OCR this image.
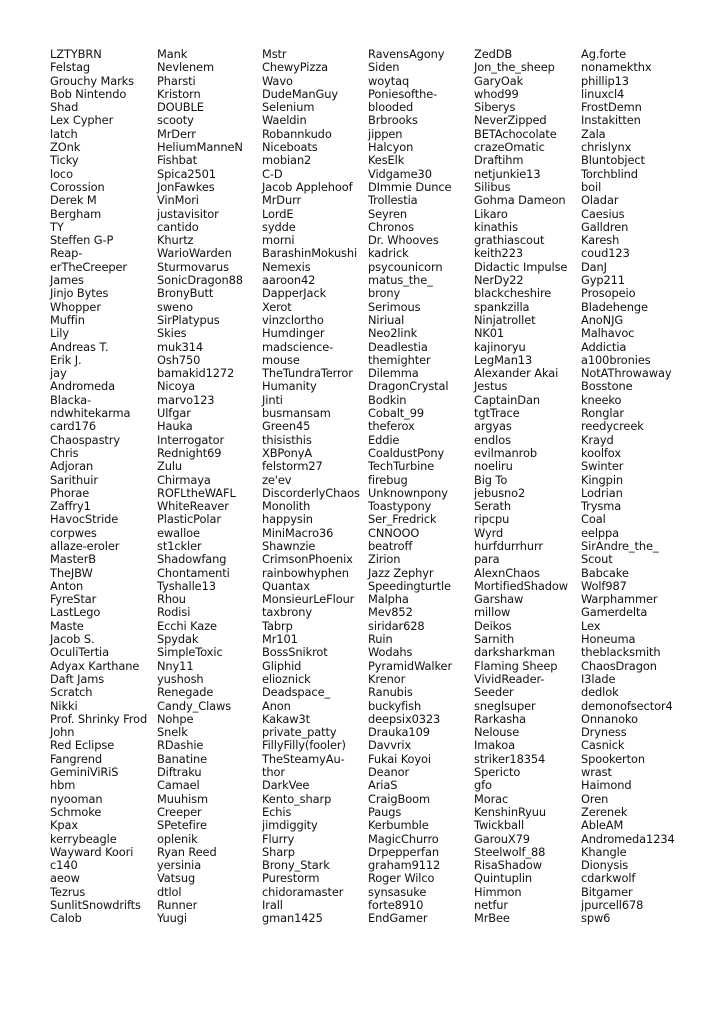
LZTYBRN
Felstag
Grouchy Marks
Bob Nintendo
Shad
Lex Cypher
latch
ZOnk
Ticky
loco
Corossion
Derek M
Bergham
TY
Steffen G-P
Reap-
erTheCreeper
James
Jinjo Bytes
Whopper
Muffin
Lily
Andreas T.
Erik J.
jay
Andromeda
Blacka-
ndwhitekarma
card176
Chaospastry
Chris
Adjoran
Sarithuir
Phorae
Zaffry1
HavocStride
corpwes
allaze-eroler
MasterB
TheJBW
Anton
FyreStar
LastLego
Maste
Jacob S.
OculiTertia
Adyax Karthane
Daft Jams
Scratch
Nikki
Prof. Shrinky Frod
John
Red Eclipse
Fangrend
GeminiViRiS
hbm
nyooman
Schmoke
Kpax
kerrybeagle
Wayward Koori
c140
aeow
Tezrus
SunlitSnowdrifts
Calob
Mank
Nevlenem
Pharsti
Kristorn
DOUBLE
scooty
MrDerr
HeliumManneN
Fishbat
Spica2501
JonFawkes
VinMori
justavisitor
cantido
Khurtz
WarioWarden
Sturmovarus
SonicDragon88
BronyButt
sweno
SirPlatypus
Skies
muk314
Osh750
bamakid1272
Nicoya
marvo123
Ulfgar
Hauka
Interrogator
Rednight69
Zulu
Chirmaya
ROFLtheWAFL
WhiteReaver
PlasticPolar
ewalloe
st1ckler
Shadowfang
Chontamenti
Tyshalle13
Rhou
Rodisi
Ecchi Kaze
Spydak
SimpleToxic
Nny11
yushosh
Renegade
Candy_Claws
Nohpe
Snelk
RDashie
Banatine
Diftraku
Camael
Muuhism
Creeper
SPetefire
oplenik
Ryan Reed
yersinia
Vatsug
dtlol
Runner
Yuugi
Mstr
ChewyPizza
Wavo
DudeManGuy
Selenium
Waeldin
Robannkudo
Niceboats
mobian2
C-D
Jacob Applehoof
MrDurr
LordE
sydde
morni
BarashinMokushi
Nemexis
aaroon42
DapperJack
Xerot
vinzclortho
Humdinger
madscience-
mouse
TheTundraTerror
Humanity
Jinti
busmansam
Green45
thisisthis
XBPonyA
felstorm27
ze'ev
DiscorderlyChaos
Monolith
happysin
MiniMacro36
Shawnzie
CrimsonPhoenix
rainbowhyphen
Quantax
MonsieurLeFlour
taxbrony
Tabrp
Mr101
BossSnikrot
Gliphid
elioznick
Deadspace_
Anon
Kakaw3t
private_patty
FillyFilly(fooler)
TheSteamyAu-
thor
DarkVee
Kento_sharp
Echis
jimdiggity
Flurry
Sharp
Brony_Stark
Purestorm
chidoramaster
Irall
gman1425
RavensAgony
Siden
woytaq
Poniesofthe-
blooded
Brbrooks
jippen
Halcyon
KesElk
Vidgame30
DImmie Dunce
Trollestia
Seyren
Chronos
Dr. Whooves
kadrick
psycounicorn
matus_the_
brony
Serimous
Niriual
Neo2link
Deadlestia
themighter
Dilemma
DragonCrystal
Bodkin
Cobalt_99
theferox
Eddie
CoaldustPony
TechTurbine
firebug
Unknownpony
Toastypony
Ser_Fredrick
CNNOOO
beatroff
Zirion
Jazz Zephyr
Speedingturtle
Malpha
Mev852
siridar628
Ruin
Wodahs
PyramidWalker
Krenor
Ranubis
buckyfish
deepsix0323
Drauka109
Davvrix
Fukai Koyoi
Deanor
AriaS
CraigBoom
Paugs
Kerbumble
MagicChurro
Drpepperfan
graham9112
Roger Wilco
synsasuke
forte8910
EndGamer
ZedDB
Jon_the_sheep
GaryOak
whod99
Siberys
NeverZipped
BETAchocolate
crazeOmatic
Draftihm
netjunkie13
Silibus
Gohma Dameon
Likaro
kinathis
grathiascout
keith223
Didactic Impulse
NerDy22
blackcheshire
spankzilla
Ninjatrollet
NK01
kajinoryu
LegMan13
Alexander Akai
Jestus
CaptainDan
tgtTrace
argyas
endlos
evilmanrob
noeliru
Big To
jebusno2
Serath
ripcpu
Wyrd
hurfdurrhurr
para
AlexnChaos
MortifiedShadow
Garshaw
millow
Deikos
Sarnith
darksharkman
Flaming Sheep
VividReader-
Seeder
sneglsuper
Rarkasha
Nelouse
Imakoa
striker18354
Spericto
gfo
Morac
KenshinRyuu
Twickball
GarouX79
Steelwolf_88
RisaShadow
Quintuplin
Himmon
netfur
MrBee
Ag.forte
nonamekthx
phillip13
linuxcl4
FrostDemn
Instakitten
Zala
chrislynx
Bluntobject
Torchblind
boil
Oladar
Caesius
Galldren
Karesh
coud123
DanJ
Gyp211
Prosopeio
Bladehenge
AnoNJG
Malhavoc
Addictia
a100bronies
NotAThrowaway
Bosstone
kneeko
Ronglar
reedycreek
Krayd
koolfox
Swinter
Kingpin
Lodrian
Trysma
Coal
eelppa
SirAndre_the_
Scout
Babcake
Wolf987
Warphammer
Gamerdelta
Lex
Honeuma
theblacksmith
ChaosDragon
I3lade
dedlok
demonofsector4
Onnanoko
Dryness
Casnick
Spookerton
wrast
Haimond
Oren
Zerenek
AbleAM
Andromeda1234
Khangle
Dionysis
cdarkwolf
Bitgamer
jpurcell678
spw6
